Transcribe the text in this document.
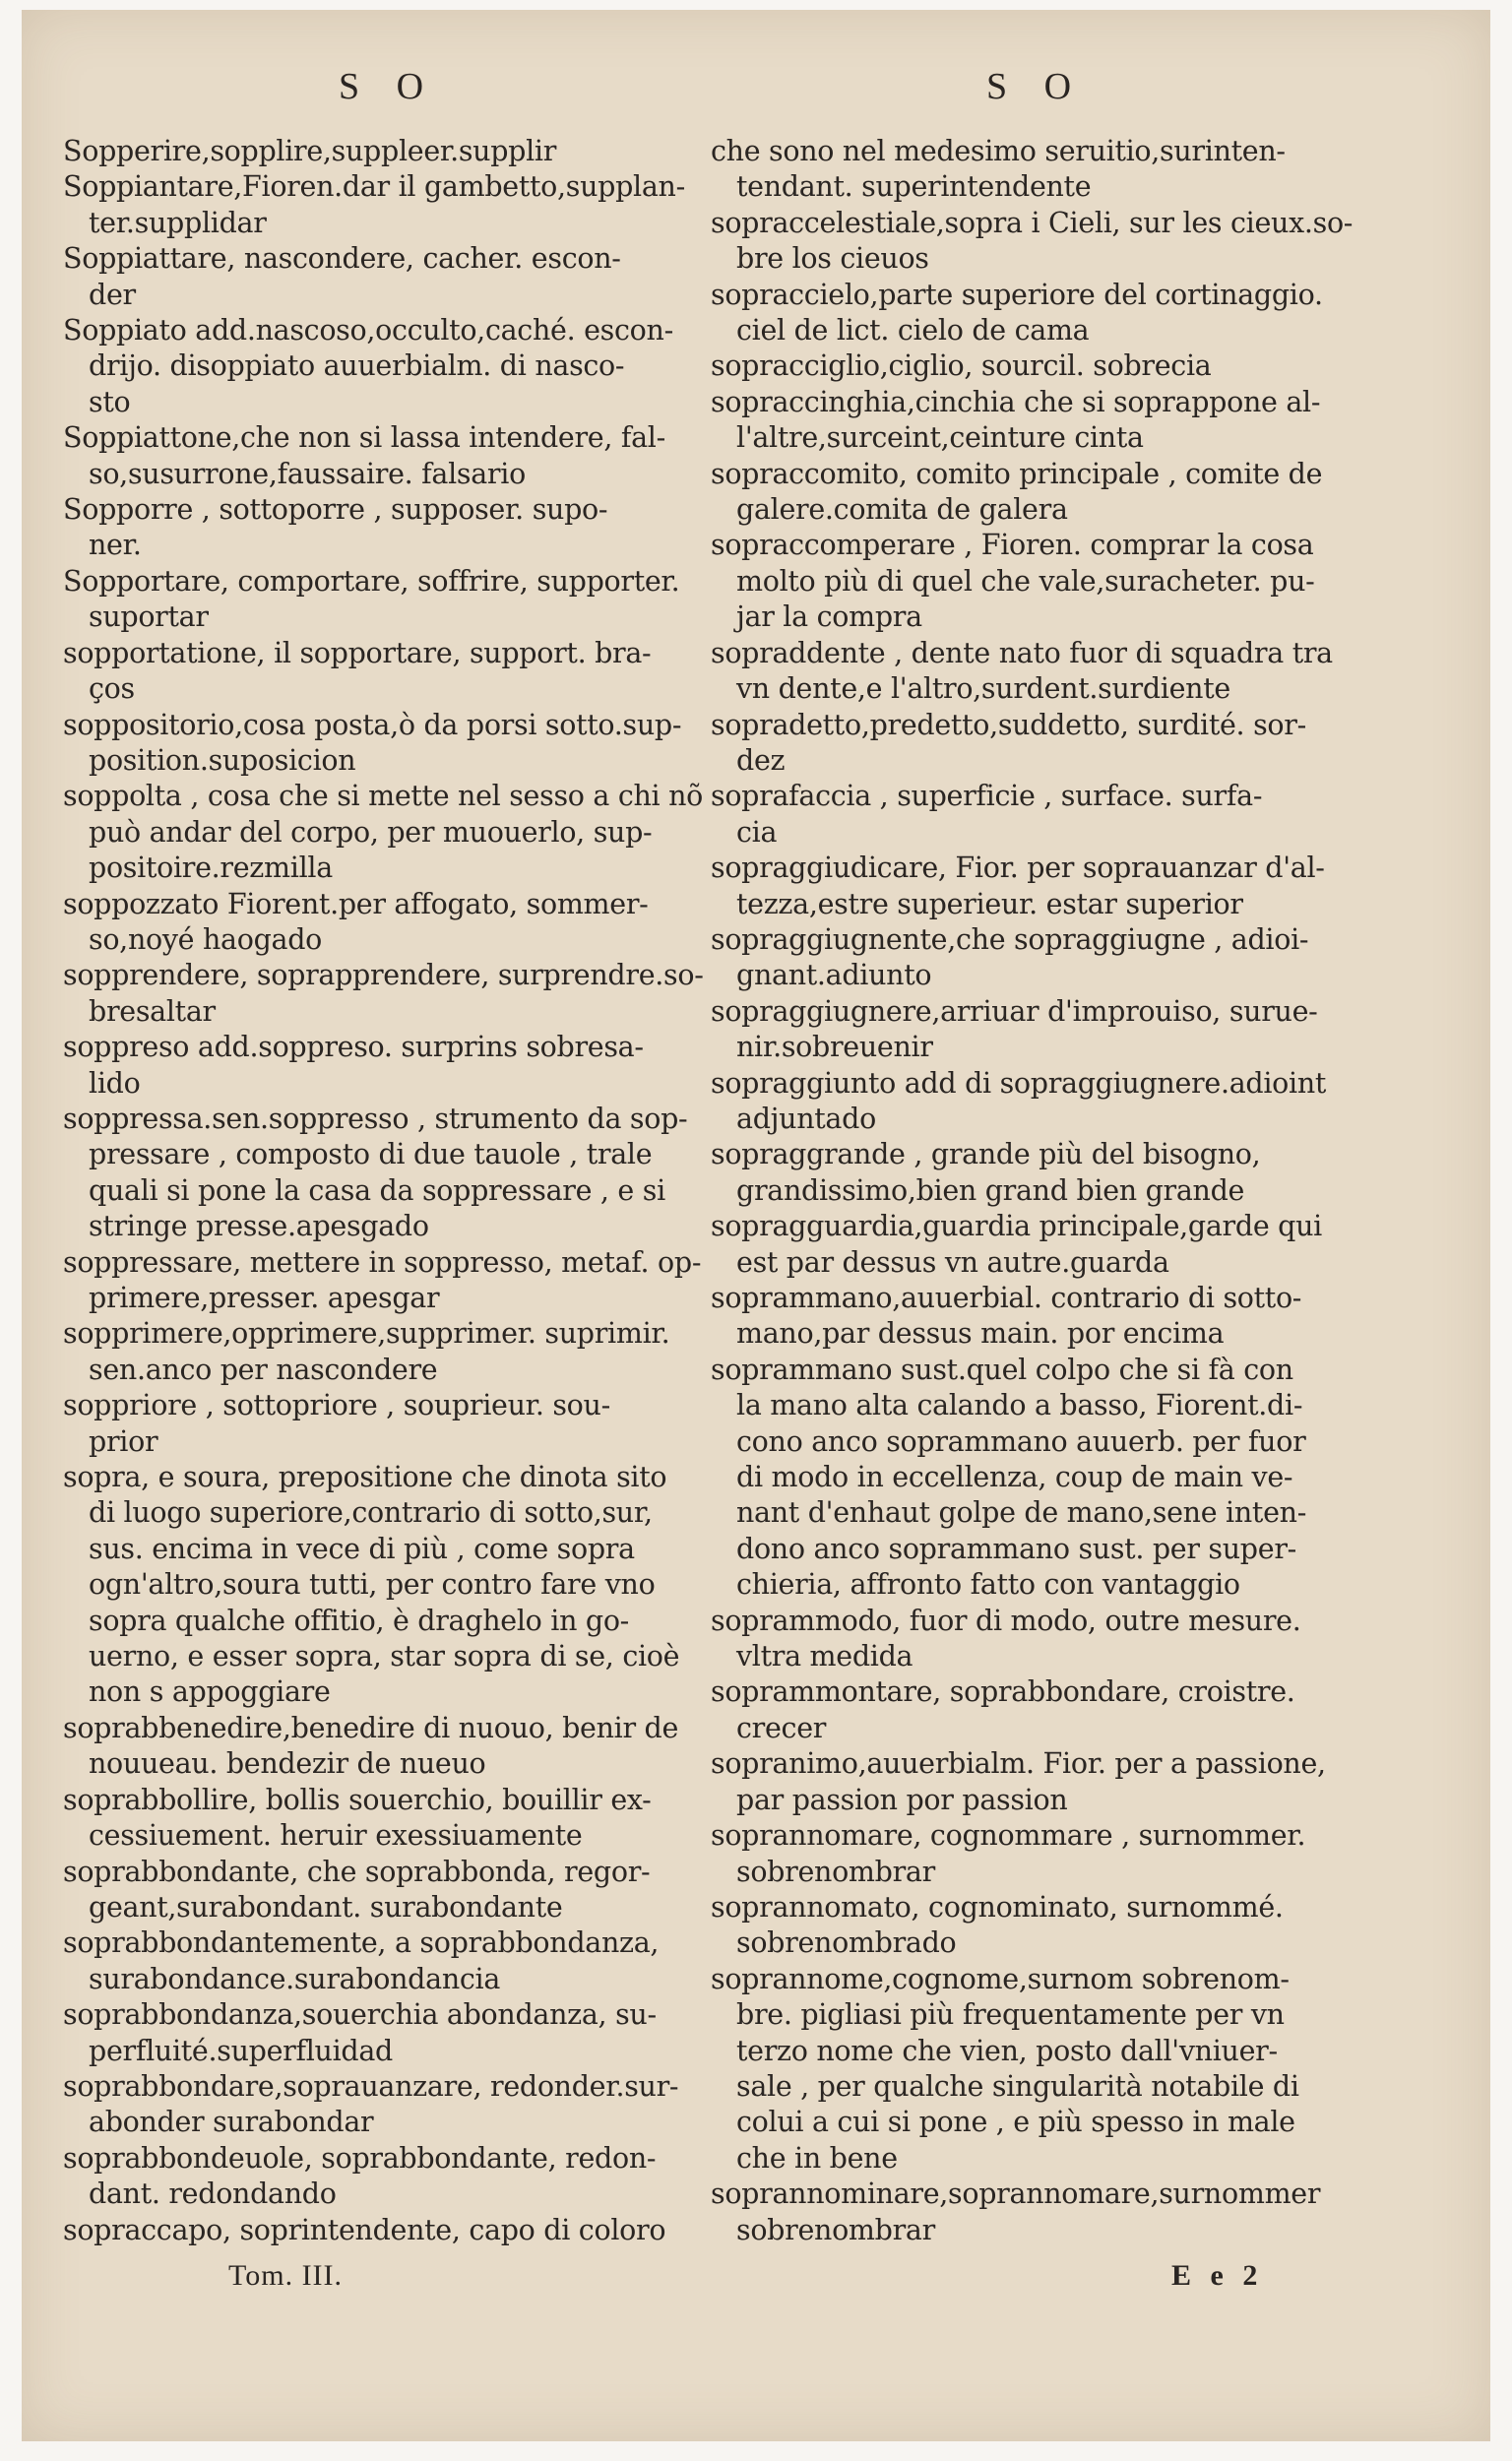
S O
Sopperire,sopplire,suppleer.supplir
Soppiantare,Fioren.dar il gambetto,supplan-
ter.supplidar
Soppiattare, nascondere, cacher. escon-
der
Soppiato add.nascoso,occulto,caché. escon-
drijo. disoppiato auuerbialm. di nasco-
sto
Soppiattone,che non si lassa intendere, fal-
so,susurrone,faussaire. falsario
Sopporre , sottoporre , supposer. supo-
ner.
Sopportare, comportare, soffrire, supporter.
suportar
sopportatione, il sopportare, support. bra-
ços
soppositorio,cosa posta,ò da porsi sotto.sup-
position.suposicion
soppolta , cosa che si mette nel sesso a chi nõ
può andar del corpo, per muouerlo, sup-
positoire.rezmilla
soppozzato Fiorent.per affogato, sommer-
so,noyé haogado
sopprendere, soprapprendere, surprendre.so-
bresaltar
soppreso add.soppreso. surprins sobresa-
lido
soppressa.sen.soppresso , strumento da sop-
pressare , composto di due tauole , trale
quali si pone la casa da soppressare , e si
stringe presse.apesgado
soppressare, mettere in soppresso, metaf. op-
primere,presser. apesgar
sopprimere,opprimere,supprimer. suprimir.
sen.anco per nascondere
soppriore , sottopriore , souprieur. sou-
prior
sopra, e soura, prepositione che dinota sito
di luogo superiore,contrario di sotto,sur,
sus. encima in vece di più , come sopra
ogn'altro,soura tutti, per contro fare vno
sopra qualche offitio, è draghelo in go-
uerno, e esser sopra, star sopra di se, cioè
non s appoggiare
soprabbenedire,benedire di nuouo, benir de
nouueau. bendezir de nueuo
soprabbollire, bollis souerchio, bouillir ex-
cessiuement. heruir exessiuamente
soprabbondante, che soprabbonda, regor-
geant,surabondant. surabondante
soprabbondantemente, a soprabbondanza,
surabondance.surabondancia
soprabbondanza,souerchia abondanza, su-
perfluité.superfluidad
soprabbondare,soprauanzare, redonder.sur-
abonder surabondar
soprabbondeuole, soprabbondante, redon-
dant. redondando
sopraccapo, soprintendente, capo di coloro
S O
che sono nel medesimo seruitio,surinten-
tendant. superintendente
sopraccelestiale,sopra i Cieli, sur les cieux.so-
bre los cieuos
sopraccielo,parte superiore del cortinaggio.
ciel de lict. cielo de cama
sopracciglio,ciglio, sourcil. sobrecia
sopraccinghia,cinchia che si soprappone al-
l'altre,surceint,ceinture cinta
sopraccomito, comito principale , comite de
galere.comita de galera
sopraccomperare , Fioren. comprar la cosa
molto più di quel che vale,suracheter. pu-
jar la compra
sopraddente , dente nato fuor di squadra tra
vn dente,e l'altro,surdent.surdiente
sopradetto,predetto,suddetto, surdité. sor-
dez
soprafaccia , superficie , surface. surfa-
cia
sopraggiudicare, Fior. per soprauanzar d'al-
tezza,estre superieur. estar superior
sopraggiugnente,che sopraggiugne , adioi-
gnant.adiunto
sopraggiugnere,arriuar d'improuiso, surue-
nir.sobreuenir
sopraggiunto add di sopraggiugnere.adioint
adjuntado
sopraggrande , grande più del bisogno,
grandissimo,bien grand bien grande
sopragguardia,guardia principale,garde qui
est par dessus vn autre.guarda
soprammano,auuerbial. contrario di sotto-
mano,par dessus main. por encima
soprammano sust.quel colpo che si fà con
la mano alta calando a basso, Fiorent.di-
cono anco soprammano auuerb. per fuor
di modo in eccellenza, coup de main ve-
nant d'enhaut golpe de mano,sene inten-
dono anco soprammano sust. per super-
chieria, affronto fatto con vantaggio
soprammodo, fuor di modo, outre mesure.
vltra medida
soprammontare, soprabbondare, croistre.
crecer
sopranimo,auuerbialm. Fior. per a passione,
par passion por passion
soprannomare, cognommare , surnommer.
sobrenombrar
soprannomato, cognominato, surnommé.
sobrenombrado
soprannome,cognome,surnom sobrenom-
bre. pigliasi più frequentamente per vn
terzo nome che vien, posto dall'vniuer-
sale , per qualche singularità notabile di
colui a cui si pone , e più spesso in male
che in bene
soprannominare,soprannomare,surnommer
sobrenombrar
Tom. III.	E e 2
